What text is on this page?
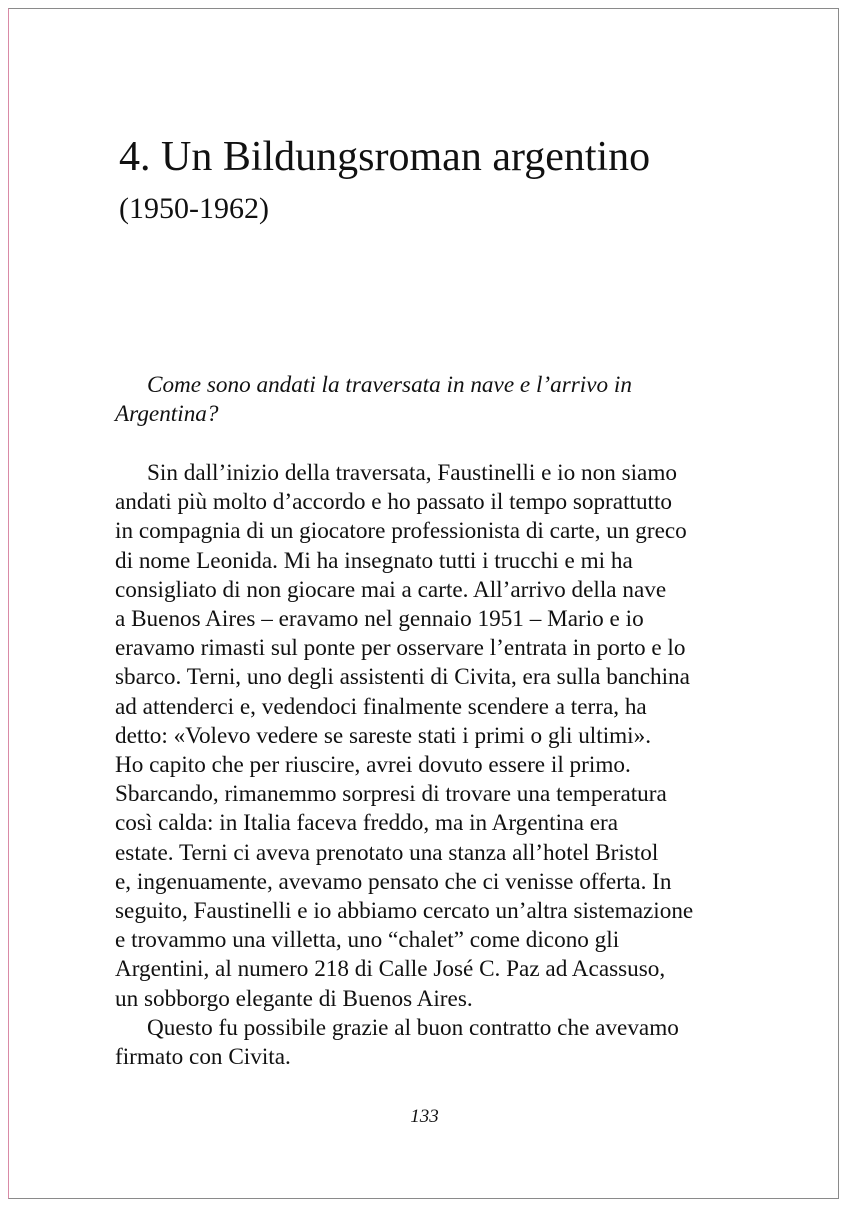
4. Un Bildungsroman argentino
(1950-1962)
Come sono andati la traversata in nave e l’arrivo in
Argentina?

Sin dall’inizio della traversata, Faustinelli e io non siamo

andati più molto d’accordo e ho passato il tempo soprattutto
in compagnia di un giocatore professionista di carte, un greco
di nome Leonida. Mi ha insegnato tutti i trucchi e mi ha
consigliato di non giocare mai a carte. All’arrivo della nave
a Buenos Aires – eravamo nel gennaio 1951 – Mario e io
eravamo rimasti sul ponte per osservare l’entrata in porto e lo
sbarco. Terni, uno degli assistenti di Civita, era sulla banchina
ad attenderci e, vedendoci finalmente scendere a terra, ha
detto: «Volevo vedere se sareste stati i primi o gli ultimi».
Ho capito che per riuscire, avrei dovuto essere il primo.
Sbarcando, rimanemmo sorpresi di trovare una temperatura
così calda: in Italia faceva freddo, ma in Argentina era
estate. Terni ci aveva prenotato una stanza all’hotel Bristol
e, ingenuamente, avevamo pensato che ci venisse offerta. In
seguito, Faustinelli e io abbiamo cercato un’altra sistemazione
e trovammo una villetta, uno “chalet” come dicono gli
Argentini, al numero 218 di Calle José C. Paz ad Acassuso,
un sobborgo elegante di Buenos Aires.

Questo fu possibile grazie al buon contratto che avevamo

firmato con Civita.
133
